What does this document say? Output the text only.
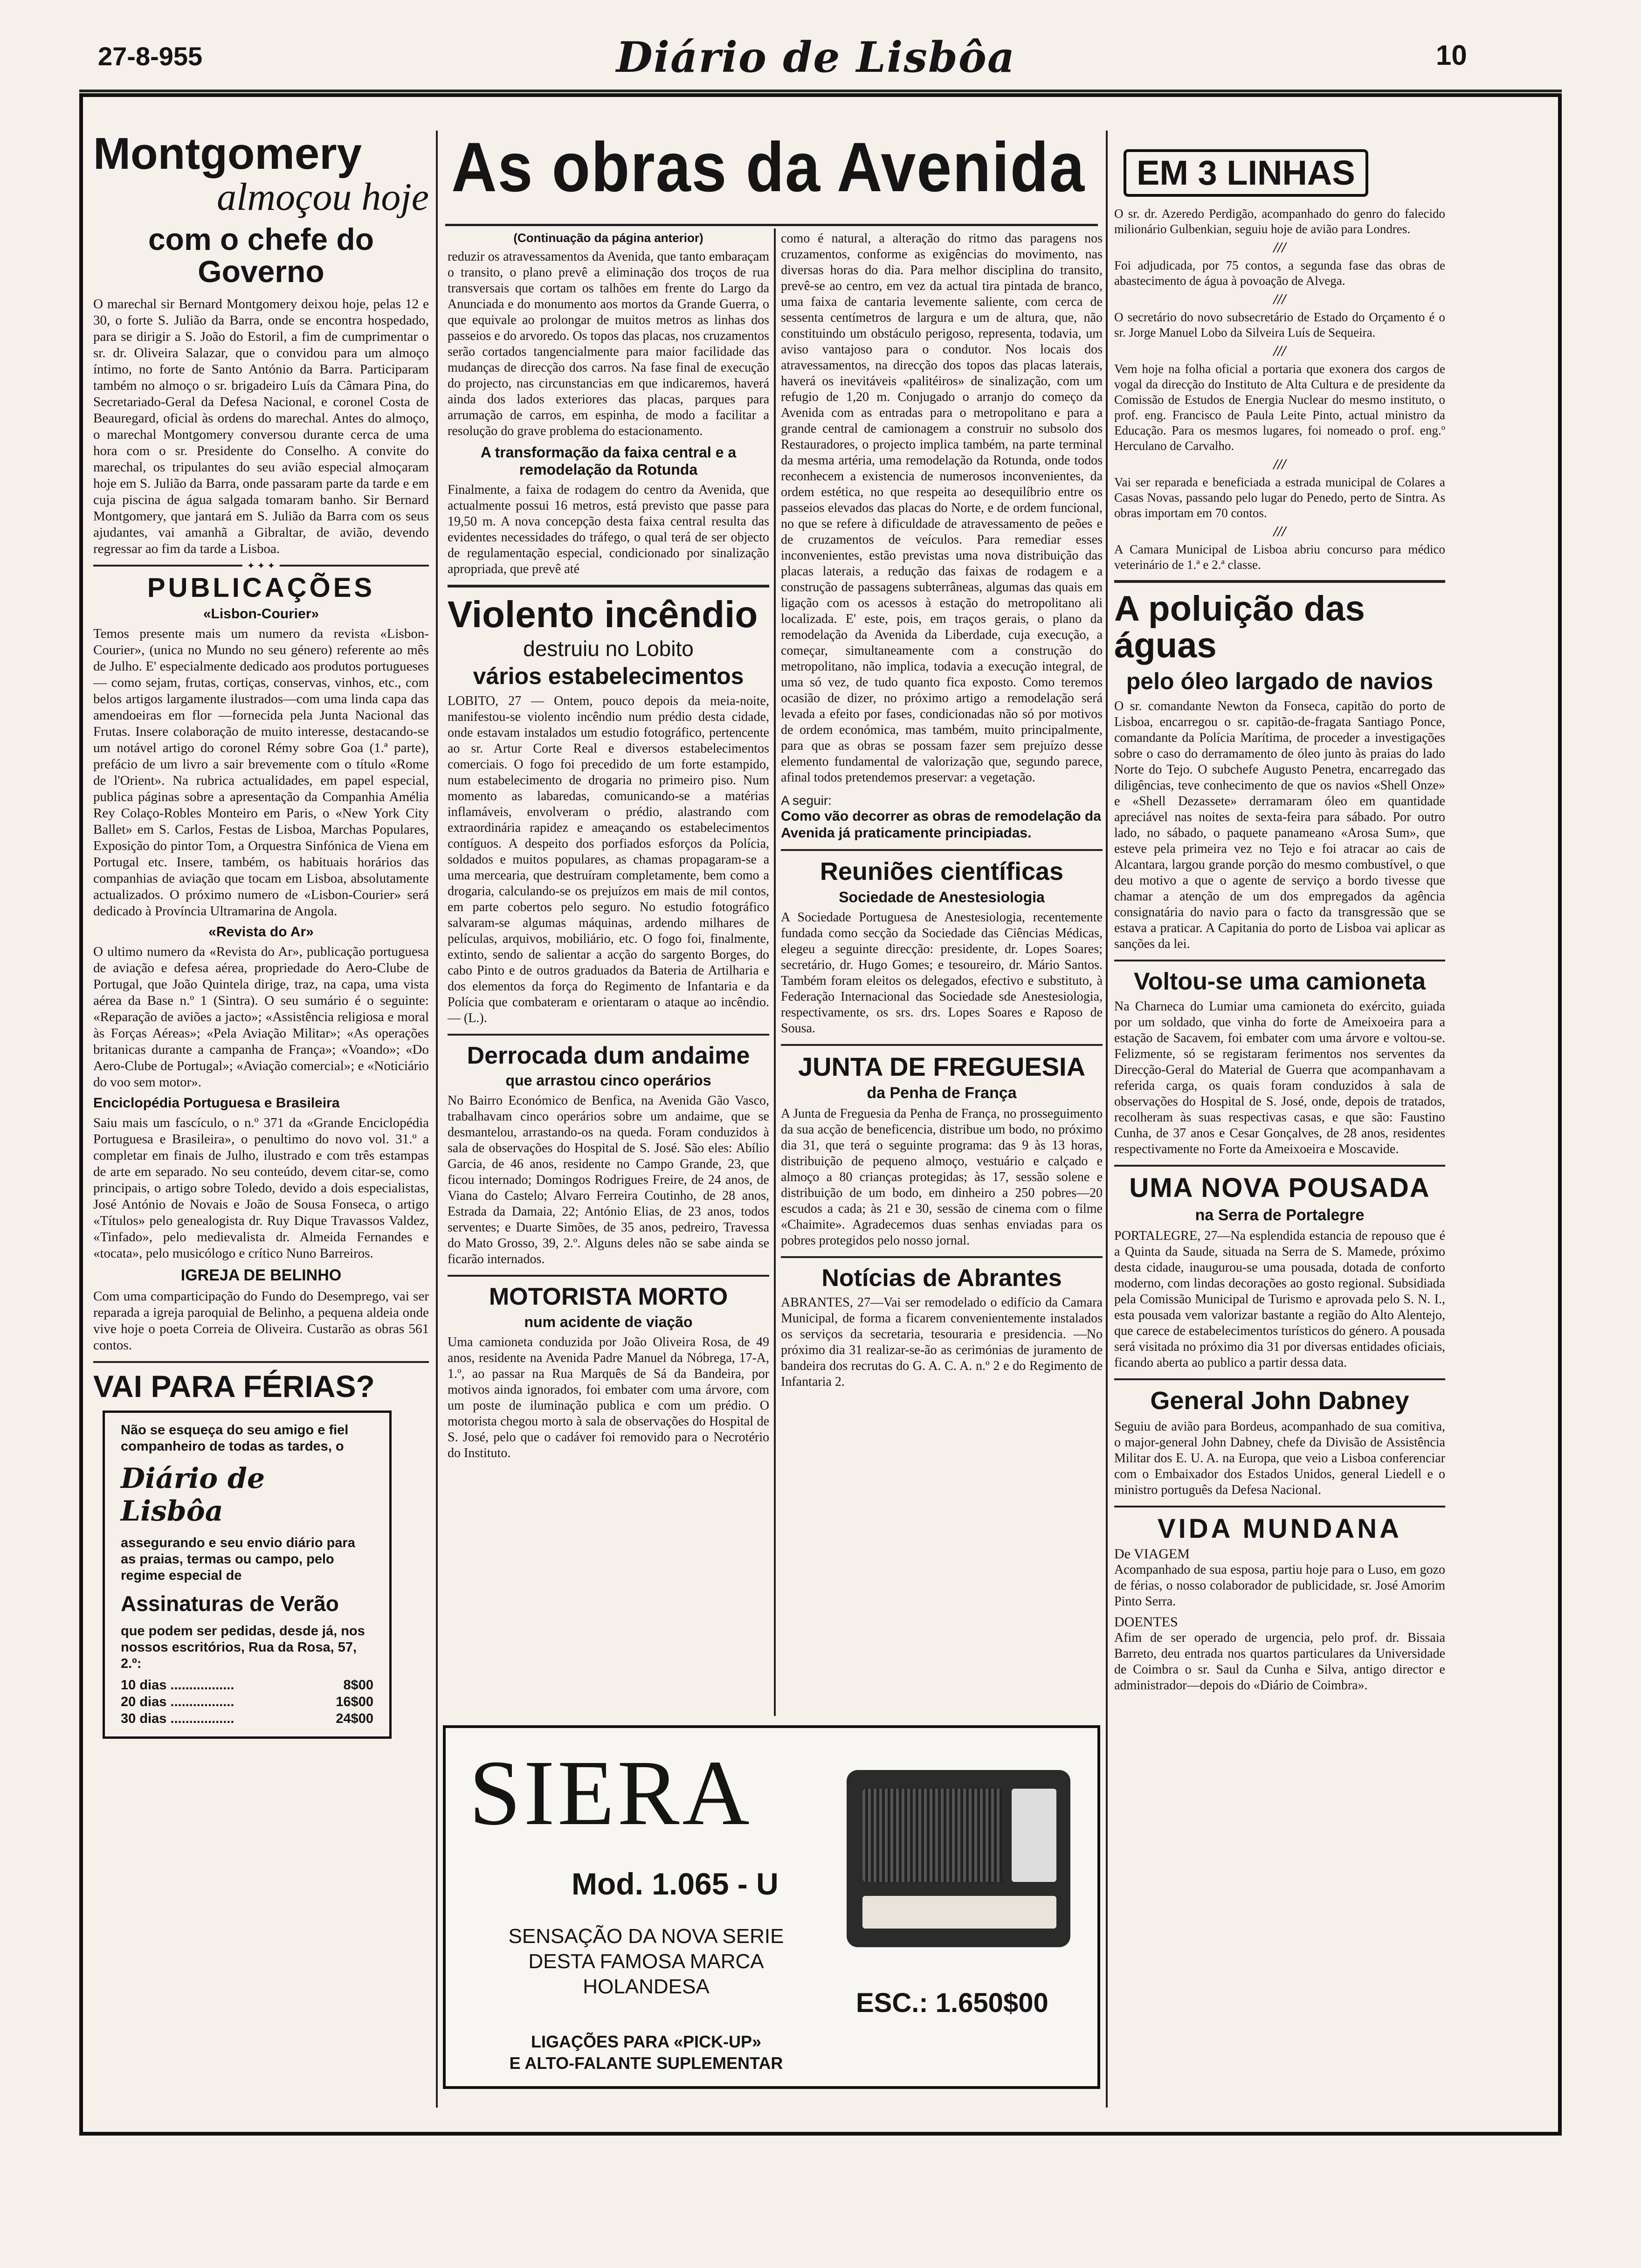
27-8-955	Diário de Lisbôa	10
Montgomery
almoçou hoje
com o chefe do Governo

O marechal sir Bernard Montgomery deixou hoje, pelas 12 e 30, o forte S. Julião da Barra, onde se encontra hospedado, para se dirigir a S. João do Estoril, a fim de cumprimentar o sr. dr. Oliveira Salazar, que o convidou para um almoço íntimo, no forte de Santo António da Barra. Participaram também no almoço o sr. brigadeiro Luís da Câmara Pina, do Secretariado-Geral da Defesa Nacional, e coronel Costa de Beauregard, oficial às ordens do marechal. Antes do almoço, o marechal Montgomery conversou durante cerca de uma hora com o sr. Presidente do Conselho. A convite do marechal, os tripulantes do seu avião especial almoçaram hoje em S. Julião da Barra, onde passaram parte da tarde e em cuja piscina de água salgada tomaram banho. Sir Bernard Montgomery, que jantará em S. Julião da Barra com os seus ajudantes, vai amanhã a Gibraltar, de avião, devendo regressar ao fim da tarde a Lisboa.

✦ ✦ ✦
PUBLICAÇÕES
«Lisbon-Courier»

Temos presente mais um numero da revista «Lisbon-Courier», (unica no Mundo no seu género) referente ao mês de Julho. E' especialmente dedicado aos produtos portugueses — como sejam, frutas, cortiças, conservas, vinhos, etc., com belos artigos largamente ilustrados—com uma linda capa das amendoeiras em flor —fornecida pela Junta Nacional das Frutas. Insere colaboração de muito interesse, destacando-se um notável artigo do coronel Rémy sobre Goa (1.ª parte), prefácio de um livro a sair brevemente com o título «Rome de l'Orient». Na rubrica actualidades, em papel especial, publica páginas sobre a apresentação da Companhia Amélia Rey Colaço-Robles Monteiro em Paris, o «New York City Ballet» em S. Carlos, Festas de Lisboa, Marchas Populares, Exposição do pintor Tom, a Orquestra Sinfónica de Viena em Portugal etc. Insere, também, os habituais horários das companhias de aviação que tocam em Lisboa, absolutamente actualizados. O próximo numero de «Lisbon-Courier» será dedicado à Província Ultramarina de Angola.

«Revista do Ar»

O ultimo numero da «Revista do Ar», publicação portuguesa de aviação e defesa aérea, propriedade do Aero-Clube de Portugal, que João Quintela dirige, traz, na capa, uma vista aérea da Base n.º 1 (Sintra). O seu sumário é o seguinte: «Reparação de aviões a jacto»; «Assistência religiosa e moral às Forças Aéreas»; «Pela Aviação Militar»; «As operações britanicas durante a campanha de França»; «Voando»; «Do Aero-Clube de Portugal»; «Aviação comercial»; e «Noticiário do voo sem motor».

Enciclopédia Portuguesa e Brasileira

Saiu mais um fascículo, o n.º 371 da «Grande Enciclopédia Portuguesa e Brasileira», o penultimo do novo vol. 31.º a completar em finais de Julho, ilustrado e com três estampas de arte em separado. No seu conteúdo, devem citar-se, como principais, o artigo sobre Toledo, devido a dois especialistas, José António de Novais e João de Sousa Fonseca, o artigo «Títulos» pelo genealogista dr. Ruy Dique Travassos Valdez, «Tinfado», pelo medievalista dr. Almeida Fernandes e «tocata», pelo musicólogo e crítico Nuno Barreiros.

IGREJA DE BELINHO

Com uma comparticipação do Fundo do Desemprego, vai ser reparada a igreja paroquial de Belinho, a pequena aldeia onde vive hoje o poeta Correia de Oliveira. Custarão as obras 561 contos.

VAI PARA FÉRIAS?
Não se esqueça do seu amigo e fiel companheiro de todas as tardes, o
Diário de Lisbôa
assegurando e seu envio diário para as praias, termas ou campo, pelo regime especial de
Assinaturas de Verão
que podem ser pedidas, desde já, nos nossos escritórios, Rua da Rosa, 57, 2.º:
10 dias .................	8$00
20 dias .................	16$00
30 dias .................	24$00
As obras da Avenida
(Continuação da página anterior)

reduzir os atravessamentos da Avenida, que tanto embaraçam o transito, o plano prevê a eliminação dos troços de rua transversais que cortam os talhões em frente do Largo da Anunciada e do monumento aos mortos da Grande Guerra, o que equivale ao prolongar de muitos metros as linhas dos passeios e do arvoredo. Os topos das placas, nos cruzamentos serão cortados tangencialmente para maior facilidade das mudanças de direcção dos carros. Na fase final de execução do projecto, nas circunstancias em que indicaremos, haverá ainda dos lados exteriores das placas, parques para arrumação de carros, em espinha, de modo a facilitar a resolução do grave problema do estacionamento.

A transformação da faixa central e a remodelação da Rotunda

Finalmente, a faixa de rodagem do centro da Avenida, que actualmente possui 16 metros, está previsto que passe para 19,50 m. A nova concepção desta faixa central resulta das evidentes necessidades do tráfego, o qual terá de ser objecto de regulamentação especial, condicionado por sinalização apropriada, que prevê até

Violento incêndio
destruiu no Lobito
vários estabelecimentos

LOBITO, 27 — Ontem, pouco depois da meia-noite, manifestou-se violento incêndio num prédio desta cidade, onde estavam instalados um estudio fotográfico, pertencente ao sr. Artur Corte Real e diversos estabelecimentos comerciais. O fogo foi precedido de um forte estampido, num estabelecimento de drogaria no primeiro piso. Num momento as labaredas, comunicando-se a matérias inflamáveis, envolveram o prédio, alastrando com extraordinária rapidez e ameaçando os estabelecimentos contíguos. A despeito dos porfiados esforços da Polícia, soldados e muitos populares, as chamas propagaram-se a uma mercearia, que destruíram completamente, bem como a drogaria, calculando-se os prejuízos em mais de mil contos, em parte cobertos pelo seguro. No estudio fotográfico salvaram-se algumas máquinas, ardendo milhares de películas, arquivos, mobiliário, etc. O fogo foi, finalmente, extinto, sendo de salientar a acção do sargento Borges, do cabo Pinto e de outros graduados da Bateria de Artilharia e dos elementos da força do Regimento de Infantaria e da Polícia que combateram e orientaram o ataque ao incêndio. — (L.).

Derrocada dum andaime
que arrastou cinco operários

No Bairro Económico de Benfica, na Avenida Gão Vasco, trabalhavam cinco operários sobre um andaime, que se desmantelou, arrastando-os na queda. Foram conduzidos à sala de observações do Hospital de S. José. São eles: Abílio Garcia, de 46 anos, residente no Campo Grande, 23, que ficou internado; Domingos Rodrigues Freire, de 24 anos, de Viana do Castelo; Alvaro Ferreira Coutinho, de 28 anos, Estrada da Damaia, 22; António Elias, de 23 anos, todos serventes; e Duarte Simões, de 35 anos, pedreiro, Travessa do Mato Grosso, 39, 2.º. Alguns deles não se sabe ainda se ficarão internados.

MOTORISTA MORTO
num acidente de viação

Uma camioneta conduzida por João Oliveira Rosa, de 49 anos, residente na Avenida Padre Manuel da Nóbrega, 17-A, 1.º, ao passar na Rua Marquês de Sá da Bandeira, por motivos ainda ignorados, foi embater com uma árvore, com um poste de iluminação publica e com um prédio. O motorista chegou morto à sala de observações do Hospital de S. José, pelo que o cadáver foi removido para o Necrotério do Instituto.

como é natural, a alteração do ritmo das paragens nos cruzamentos, conforme as exigências do movimento, nas diversas horas do dia. Para melhor disciplina do transito, prevê-se ao centro, em vez da actual tira pintada de branco, uma faixa de cantaria levemente saliente, com cerca de sessenta centímetros de largura e um de altura, que, não constituindo um obstáculo perigoso, representa, todavia, um aviso vantajoso para o condutor. Nos locais dos atravessamentos, na direcção dos topos das placas laterais, haverá os inevitáveis «palitéiros» de sinalização, com um refugio de 1,20 m. Conjugado o arranjo do começo da Avenida com as entradas para o metropolitano e para a grande central de camionagem a construir no subsolo dos Restauradores, o projecto implica também, na parte terminal da mesma artéria, uma remodelação da Rotunda, onde todos reconhecem a existencia de numerosos inconvenientes, da ordem estética, no que respeita ao desequilíbrio entre os passeios elevados das placas do Norte, e de ordem funcional, no que se refere à dificuldade de atravessamento de peões e de cruzamentos de veículos. Para remediar esses inconvenientes, estão previstas uma nova distribuição das placas laterais, a redução das faixas de rodagem e a construção de passagens subterrâneas, algumas das quais em ligação com os acessos à estação do metropolitano ali localizada. E' este, pois, em traços gerais, o plano da remodelação da Avenida da Liberdade, cuja execução, a começar, simultaneamente com a construção do metropolitano, não implica, todavia a execução integral, de uma só vez, de tudo quanto fica exposto. Como teremos ocasião de dizer, no próximo artigo a remodelação será levada a efeito por fases, condicionadas não só por motivos de ordem económica, mas também, muito principalmente, para que as obras se possam fazer sem prejuízo desse elemento fundamental de valorização que, segundo parece, afinal todos pretendemos preservar: a vegetação.

A seguir:
Como vão decorrer as obras de remodelação da Avenida já praticamente principiadas.
Reuniões científicas
Sociedade de Anestesiologia

A Sociedade Portuguesa de Anestesiologia, recentemente fundada como secção da Sociedade das Ciências Médicas, elegeu a seguinte direcção: presidente, dr. Lopes Soares; secretário, dr. Hugo Gomes; e tesoureiro, dr. Mário Santos. Também foram eleitos os delegados, efectivo e substituto, à Federação Internacional das Sociedade sde Anestesiologia, respectivamente, os srs. drs. Lopes Soares e Raposo de Sousa.

JUNTA DE FREGUESIA
da Penha de França

A Junta de Freguesia da Penha de França, no prosseguimento da sua acção de beneficencia, distribue um bodo, no próximo dia 31, que terá o seguinte programa: das 9 às 13 horas, distribuição de pequeno almoço, vestuário e calçado e almoço a 80 crianças protegidas; às 17, sessão solene e distribuição de um bodo, em dinheiro a 250 pobres—20 escudos a cada; às 21 e 30, sessão de cinema com o filme «Chaimite». Agradecemos duas senhas enviadas para os pobres protegidos pelo nosso jornal.

Notícias de Abrantes

ABRANTES, 27—Vai ser remodelado o edifício da Camara Municipal, de forma a ficarem convenientemente instalados os serviços da secretaria, tesouraria e presidencia. —No próximo dia 31 realizar-se-ão as cerimónias de juramento de bandeira dos recrutas do G. A. C. A. n.º 2 e do Regimento de Infantaria 2.

SIERA
Mod. 1.065 - U
SENSAÇÃO DA NOVA SERIE
DESTA FAMOSA MARCA
HOLANDESA
LIGAÇÕES PARA «PICK-UP»
E ALTO-FALANTE SUPLEMENTAR
ESC.: 1.650$00
EM 3 LINHAS

O sr. dr. Azeredo Perdigão, acompanhado do genro do falecido milionário Gulbenkian, seguiu hoje de avião para Londres.

///

Foi adjudicada, por 75 contos, a segunda fase das obras de abastecimento de água à povoação de Alvega.

///

O secretário do novo subsecretário de Estado do Orçamento é o sr. Jorge Manuel Lobo da Silveira Luís de Sequeira.

///

Vem hoje na folha oficial a portaria que exonera dos cargos de vogal da direcção do Instituto de Alta Cultura e de presidente da Comissão de Estudos de Energia Nuclear do mesmo instituto, o prof. eng. Francisco de Paula Leite Pinto, actual ministro da Educação. Para os mesmos lugares, foi nomeado o prof. eng.º Herculano de Carvalho.

///

Vai ser reparada e beneficiada a estrada municipal de Colares a Casas Novas, passando pelo lugar do Penedo, perto de Sintra. As obras importam em 70 contos.

///

A Camara Municipal de Lisboa abriu concurso para médico veterinário de 1.ª e 2.ª classe.

A poluição das águas
pelo óleo largado de navios

O sr. comandante Newton da Fonseca, capitão do porto de Lisboa, encarregou o sr. capitão-de-fragata Santiago Ponce, comandante da Polícia Marítima, de proceder a investigações sobre o caso do derramamento de óleo junto às praias do lado Norte do Tejo. O subchefe Augusto Penetra, encarregado das diligências, teve conhecimento de que os navios «Shell Onze» e «Shell Dezassete» derramaram óleo em quantidade apreciável nas noites de sexta-feira para sábado. Por outro lado, no sábado, o paquete panameano «Arosa Sum», que esteve pela primeira vez no Tejo e foi atracar ao cais de Alcantara, largou grande porção do mesmo combustível, o que deu motivo a que o agente de serviço a bordo tivesse que chamar a atenção de um dos empregados da agência consignatária do navio para o facto da transgressão que se estava a praticar. A Capitania do porto de Lisboa vai aplicar as sanções da lei.

Voltou-se uma camioneta

Na Charneca do Lumiar uma camioneta do exército, guiada por um soldado, que vinha do forte de Ameixoeira para a estação de Sacavem, foi embater com uma árvore e voltou-se. Felizmente, só se registaram ferimentos nos serventes da Direcção-Geral do Material de Guerra que acompanhavam a referida carga, os quais foram conduzidos à sala de observações do Hospital de S. José, onde, depois de tratados, recolheram às suas respectivas casas, e que são: Faustino Cunha, de 37 anos e Cesar Gonçalves, de 28 anos, residentes respectivamente no Forte da Ameixoeira e Moscavide.

UMA NOVA POUSADA
na Serra de Portalegre

PORTALEGRE, 27—Na esplendida estancia de repouso que é a Quinta da Saude, situada na Serra de S. Mamede, próximo desta cidade, inaugurou-se uma pousada, dotada de conforto moderno, com lindas decorações ao gosto regional. Subsidiada pela Comissão Municipal de Turismo e aprovada pelo S. N. I., esta pousada vem valorizar bastante a região do Alto Alentejo, que carece de estabelecimentos turísticos do género. A pousada será visitada no próximo dia 31 por diversas entidades oficiais, ficando aberta ao publico a partir dessa data.

General John Dabney

Seguiu de avião para Bordeus, acompanhado de sua comitiva, o major-general John Dabney, chefe da Divisão de Assistência Militar dos E. U. A. na Europa, que veio a Lisboa conferenciar com o Embaixador dos Estados Unidos, general Liedell e o ministro português da Defesa Nacional.

VIDA MUNDANA
De VIAGEM

Acompanhado de sua esposa, partiu hoje para o Luso, em gozo de férias, o nosso colaborador de publicidade, sr. José Amorim Pinto Serra.

DOENTES

Afim de ser operado de urgencia, pelo prof. dr. Bissaia Barreto, deu entrada nos quartos particulares da Universidade de Coimbra o sr. Saul da Cunha e Silva, antigo director e administrador—depois do «Diário de Coimbra».
